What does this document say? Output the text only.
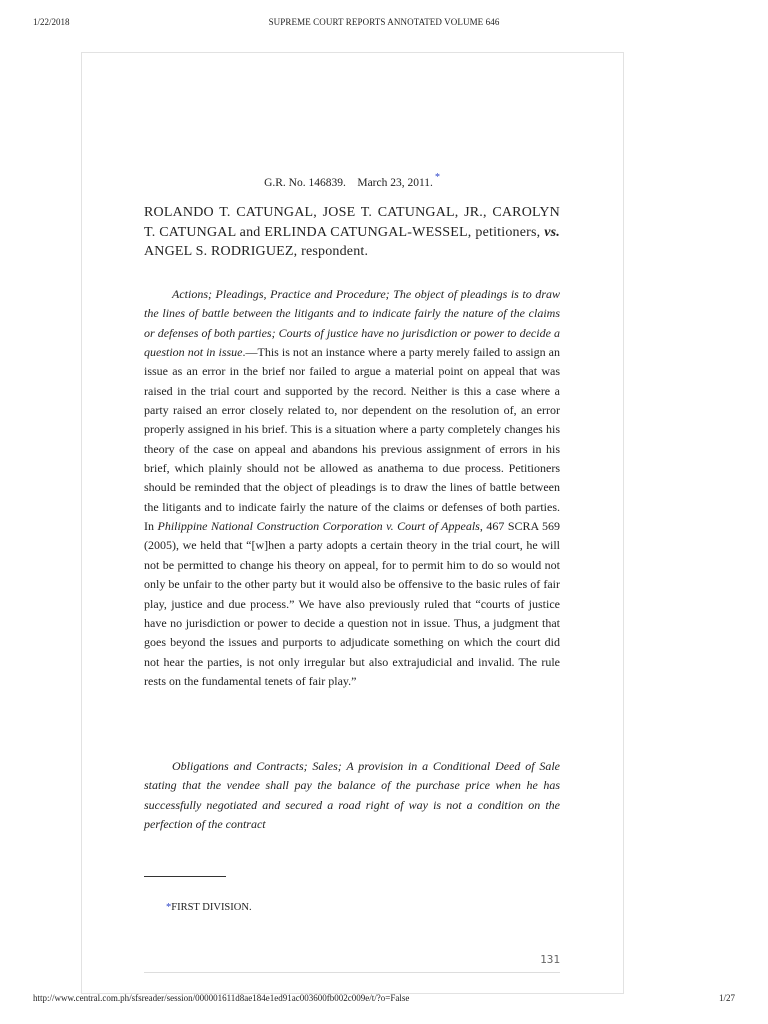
1/22/2018	SUPREME COURT REPORTS ANNOTATED VOLUME 646
G.R. No. 146839. March 23, 2011. *
ROLANDO T. CATUNGAL, JOSE T. CATUNGAL, JR., CAROLYN T. CATUNGAL and ERLINDA CATUNGAL-WESSEL, petitioners, vs. ANGEL S. RODRIGUEZ, respondent.

Actions; Pleadings, Practice and Procedure; The object of pleadings is to draw the lines of battle between the litigants and to indicate fairly the nature of the claims or defenses of both parties; Courts of justice have no jurisdiction or power to decide a question not in issue.—This is not an instance where a party merely failed to assign an issue as an error in the brief nor failed to argue a material point on appeal that was raised in the trial court and supported by the record. Neither is this a case where a party raised an error closely related to, nor dependent on the resolution of, an error properly assigned in his brief. This is a situation where a party completely changes his theory of the case on appeal and abandons his previous assignment of errors in his brief, which plainly should not be allowed as anathema to due process. Petitioners should be reminded that the object of pleadings is to draw the lines of battle between the litigants and to indicate fairly the nature of the claims or defenses of both parties. In Philippine National Construction Corporation v. Court of Appeals, 467 SCRA 569 (2005), we held that “[w]hen a party adopts a certain theory in the trial court, he will not be permitted to change his theory on appeal, for to permit him to do so would not only be unfair to the other party but it would also be offensive to the basic rules of fair play, justice and due process.” We have also previously ruled that “courts of justice have no jurisdiction or power to decide a question not in issue. Thus, a judgment that goes beyond the issues and purports to adjudicate something on which the court did not hear the parties, is not only irregular but also extrajudicial and invalid. The rule rests on the fundamental tenets of fair play.”

Obligations and Contracts; Sales; A provision in a Conditional Deed of Sale stating that the vendee shall pay the balance of the purchase price when he has successfully negotiated and secured a road right of way is not a condition on the perfection of the contract

*FIRST DIVISION.
131
http://www.central.com.ph/sfsreader/session/000001611d8ae184e1ed91ac003600fb002c009e/t/?o=False	1/27
